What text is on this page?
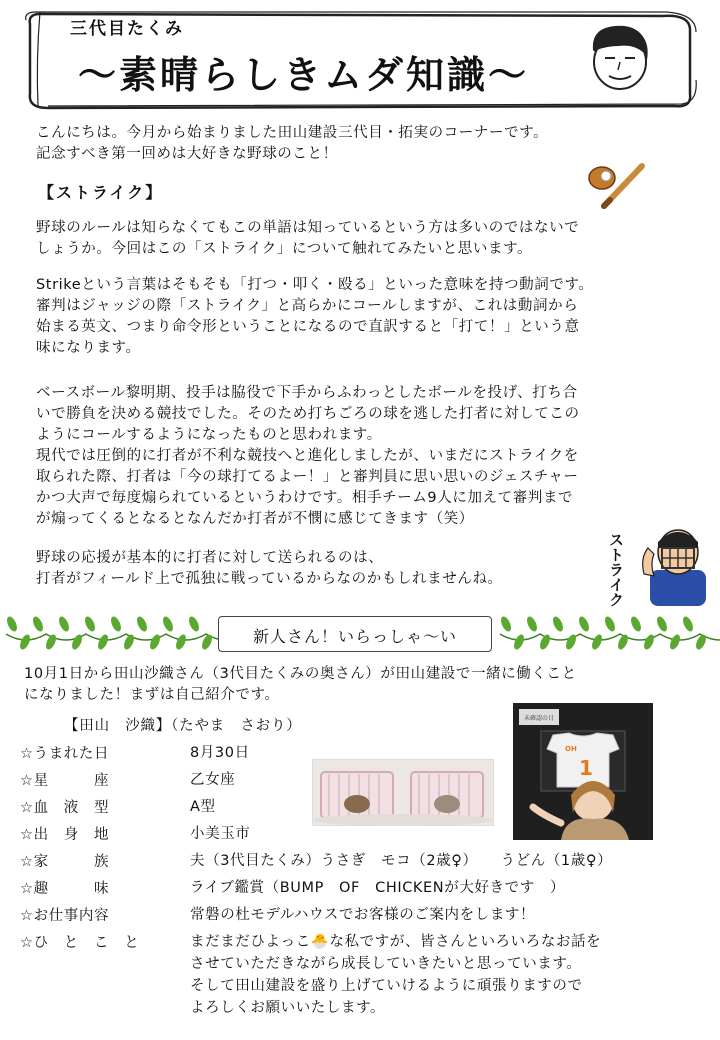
三代目たくみ
〜素晴らしきムダ知識〜
こんにちは。今月から始まりました田山建設三代目・拓実のコーナーです。
記念すべき第一回めは大好きな野球のこと！
【ストライク】
野球のルールは知らなくてもこの単語は知っているという方は多いのではないで
しょうか。今回はこの「ストライク」について触れてみたいと思います。
Strikeという言葉はそもそも「打つ・叩く・殴る」といった意味を持つ動詞です。
審判はジャッジの際「ストライク」と高らかにコールしますが、これは動詞から
始まる英文、つまり命令形ということになるので直訳すると「打て！」という意
味になります。
ベースボール黎明期、投手は脇役で下手からふわっとしたボールを投げ、打ち合
いで勝負を決める競技でした。そのため打ちごろの球を逃した打者に対してこの
ようにコールするようになったものと思われます。
現代では圧倒的に打者が不利な競技へと進化しましたが、いまだにストライクを
取られた際、打者は「今の球打てるよー！」と審判員に思い思いのジェスチャー
かつ大声で毎度煽られているというわけです。相手チーム9人に加えて審判まで
が煽ってくるとなるとなんだか打者が不憫に感じてきます（笑）
野球の応援が基本的に打者に対して送られるのは、
打者がフィールド上で孤独に戦っているからなのかもしれませんね。	ストライク
新人さん！いらっしゃ〜い
10月1日から田山沙織さん（3代目たくみの奥さん）が田山建設で一緒に働くこと
になりました！まずは自己紹介です。
【田山　沙織】（たやま　さおり）
☆うまれた日	8月30日
☆星　　　座	乙女座
☆血　液　型	A型
☆出　身　地	小美玉市
☆家　　　族	夫（3代目たくみ）うさぎ　モコ（2歳♀）　　うどん（1歳♀）
☆趣　　　味	ライブ鑑賞（BUMP　OF　CHICKENが大好きです　）
☆お仕事内容	常磐の杜モデルハウスでお客様のご案内をします！
☆ひ　と　こ　と	まだまだひよっこ🐣な私ですが、皆さんといろいろなお話を
させていただきながら成長していきたいと思っています。
そして田山建設を盛り上げていけるように頑張りますので
よろしくお願いいたします。
未確認の日
OH
1
